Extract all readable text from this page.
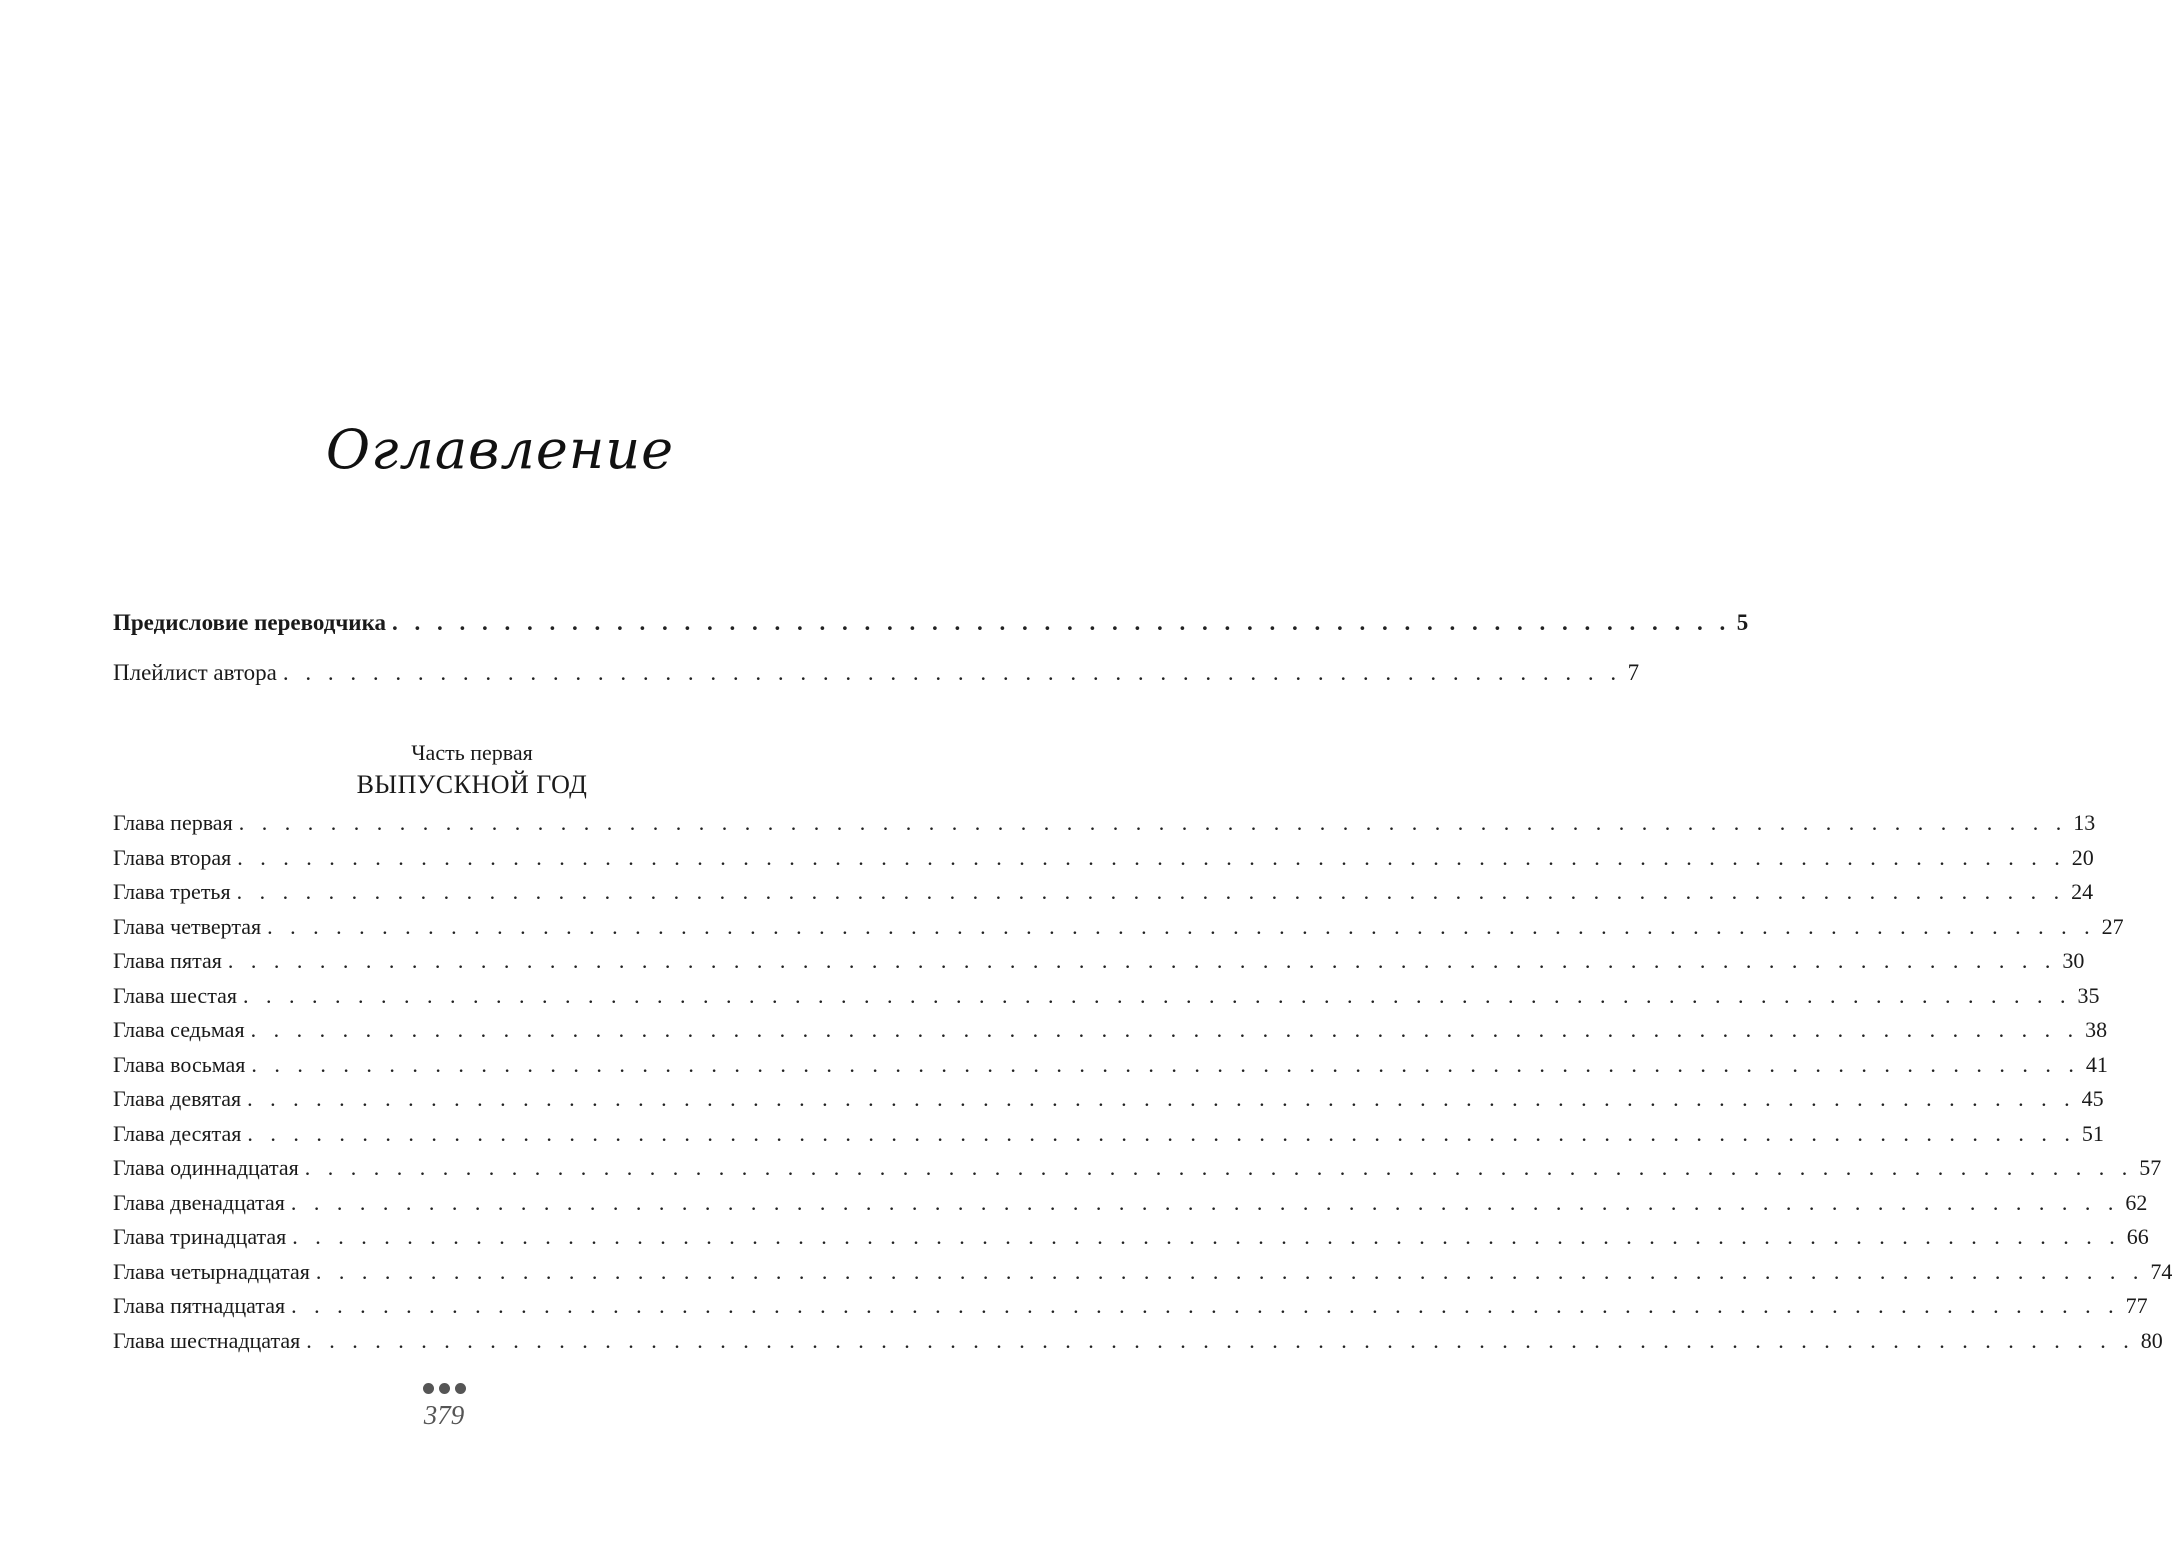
Оглавление
Предисловие переводчика . . . . . . . . . . . . . . . . . . . . . . . . . . . . . . . . . . . . . . . . . . . . . . . . . . . . . . . . . . . . 5
Плейлист автора . . . . . . . . . . . . . . . . . . . . . . . . . . . . . . . . . . . . . . . . . . . . . . . . . . . . . . . . . . . . 7
Часть первая
ВЫПУСКНОЙ ГОД
Глава первая . . . . . . . . . . . . . . . . . . . . . . . . . . . . . . . . . . . . . . . . . . . . . . . . . . . . . . . . . . . . . . . . . . . . . . . . . . . . . . . . 13
Глава вторая . . . . . . . . . . . . . . . . . . . . . . . . . . . . . . . . . . . . . . . . . . . . . . . . . . . . . . . . . . . . . . . . . . . . . . . . . . . . . . . . 20
Глава третья . . . . . . . . . . . . . . . . . . . . . . . . . . . . . . . . . . . . . . . . . . . . . . . . . . . . . . . . . . . . . . . . . . . . . . . . . . . . . . . . 24
Глава четвертая . . . . . . . . . . . . . . . . . . . . . . . . . . . . . . . . . . . . . . . . . . . . . . . . . . . . . . . . . . . . . . . . . . . . . . . . . . . . . . . . 27
Глава пятая . . . . . . . . . . . . . . . . . . . . . . . . . . . . . . . . . . . . . . . . . . . . . . . . . . . . . . . . . . . . . . . . . . . . . . . . . . . . . . . . 30
Глава шестая . . . . . . . . . . . . . . . . . . . . . . . . . . . . . . . . . . . . . . . . . . . . . . . . . . . . . . . . . . . . . . . . . . . . . . . . . . . . . . . . 35
Глава седьмая . . . . . . . . . . . . . . . . . . . . . . . . . . . . . . . . . . . . . . . . . . . . . . . . . . . . . . . . . . . . . . . . . . . . . . . . . . . . . . . . 38
Глава восьмая . . . . . . . . . . . . . . . . . . . . . . . . . . . . . . . . . . . . . . . . . . . . . . . . . . . . . . . . . . . . . . . . . . . . . . . . . . . . . . . . 41
Глава девятая . . . . . . . . . . . . . . . . . . . . . . . . . . . . . . . . . . . . . . . . . . . . . . . . . . . . . . . . . . . . . . . . . . . . . . . . . . . . . . . . 45
Глава десятая . . . . . . . . . . . . . . . . . . . . . . . . . . . . . . . . . . . . . . . . . . . . . . . . . . . . . . . . . . . . . . . . . . . . . . . . . . . . . . . . 51
Глава одиннадцатая . . . . . . . . . . . . . . . . . . . . . . . . . . . . . . . . . . . . . . . . . . . . . . . . . . . . . . . . . . . . . . . . . . . . . . . . . . . . . . . . 57
Глава двенадцатая . . . . . . . . . . . . . . . . . . . . . . . . . . . . . . . . . . . . . . . . . . . . . . . . . . . . . . . . . . . . . . . . . . . . . . . . . . . . . . . . 62
Глава тринадцатая . . . . . . . . . . . . . . . . . . . . . . . . . . . . . . . . . . . . . . . . . . . . . . . . . . . . . . . . . . . . . . . . . . . . . . . . . . . . . . . . 66
Глава четырнадцатая . . . . . . . . . . . . . . . . . . . . . . . . . . . . . . . . . . . . . . . . . . . . . . . . . . . . . . . . . . . . . . . . . . . . . . . . . . . . . . . . 74
Глава пятнадцатая . . . . . . . . . . . . . . . . . . . . . . . . . . . . . . . . . . . . . . . . . . . . . . . . . . . . . . . . . . . . . . . . . . . . . . . . . . . . . . . . 77
Глава шестнадцатая . . . . . . . . . . . . . . . . . . . . . . . . . . . . . . . . . . . . . . . . . . . . . . . . . . . . . . . . . . . . . . . . . . . . . . . . . . . . . . . . 80
379
